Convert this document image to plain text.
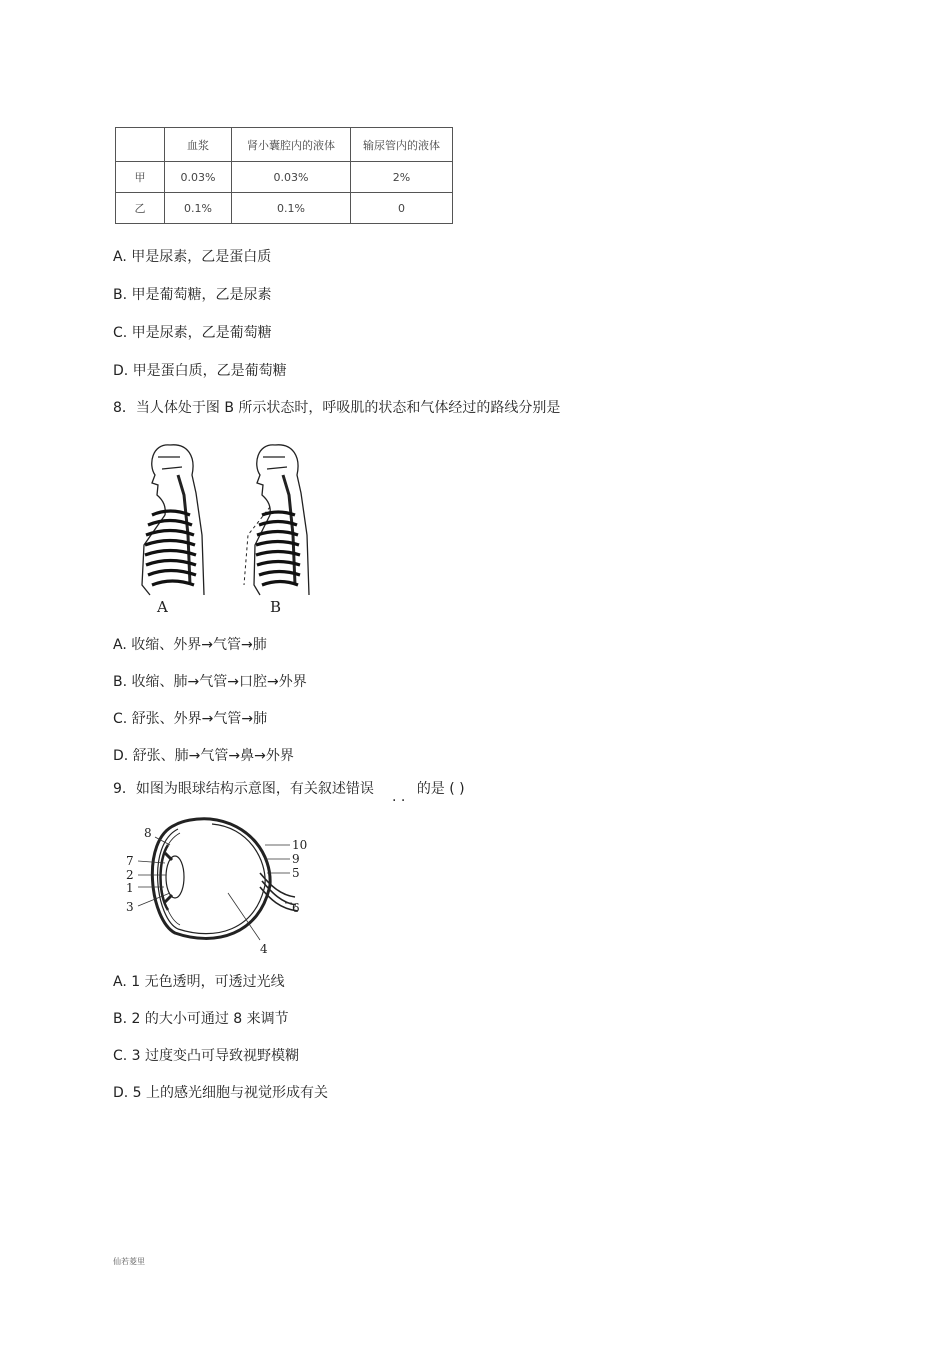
	血浆	肾小囊腔内的液体	输尿管内的液体
甲	0.03%	0.03%	2%
乙	0.1%	0.1%	0
A. 甲是尿素，乙是蛋白质
B. 甲是葡萄糖，乙是尿素
C. 甲是尿素，乙是葡萄糖
D. 甲是蛋白质，乙是葡萄糖
8．当人体处于图 B 所示状态时，呼吸肌的状态和气体经过的路线分别是
A	B
A. 收缩、外界→气管→肺
B. 收缩、肺→气管→口腔→外界
C. 舒张、外界→气管→肺
D. 舒张、肺→气管→鼻→外界
9．如图为眼球结构示意图，有关叙述错误	的是 ( )
. .
8
7
2
1
3
10
9
5
6
4
A. 1 无色透明，可透过光线
B. 2 的大小可通过 8 来调节
C. 3 过度变凸可导致视野模糊
D. 5 上的感光细胞与视觉形成有关
仙若菱里
